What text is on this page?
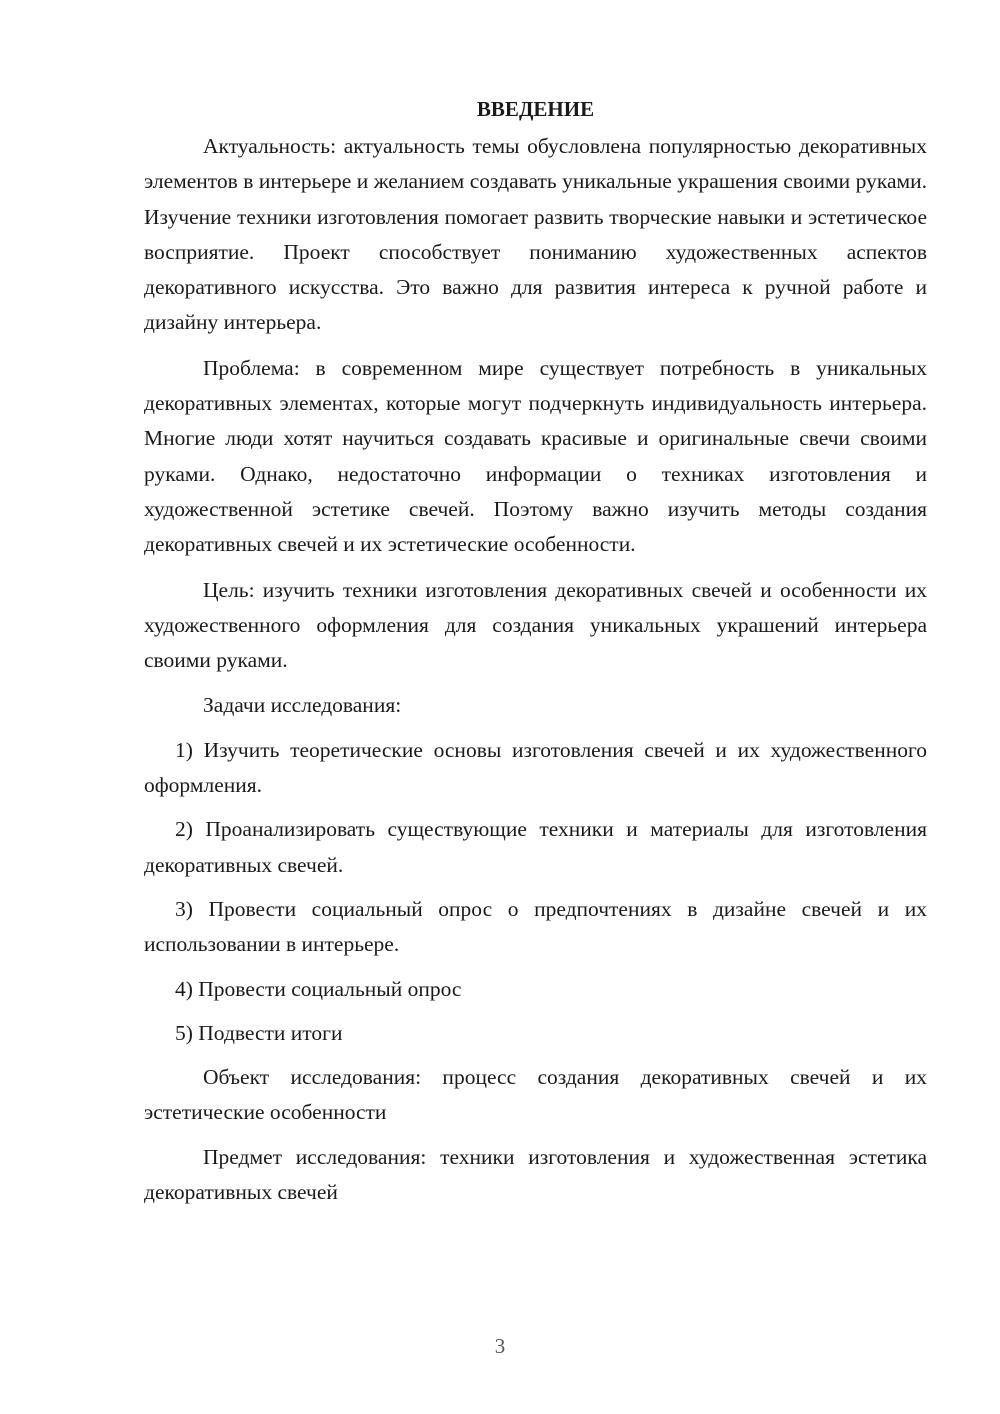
ВВЕДЕНИЕ

Актуальность: актуальность темы обусловлена популярностью декоративных элементов в интерьере и желанием создавать уникальные украшения своими руками. Изучение техники изготовления помогает развить творческие навыки и эстетическое восприятие. Проект способствует пониманию художественных аспектов декоративного искусства. Это важно для развития интереса к ручной работе и дизайну интерьера.

Проблема: в современном мире существует потребность в уникальных декоративных элементах, которые могут подчеркнуть индивидуальность интерьера. Многие люди хотят научиться создавать красивые и оригинальные свечи своими руками. Однако, недостаточно информации о техниках изготовления и художественной эстетике свечей. Поэтому важно изучить методы создания декоративных свечей и их эстетические особенности.

Цель: изучить техники изготовления декоративных свечей и особенности их художественного оформления для создания уникальных украшений интерьера своими руками.

Задачи исследования:

1) Изучить теоретические основы изготовления свечей и их художественного оформления.

2) Проанализировать существующие техники и материалы для изготовления декоративных свечей.

3) Провести социальный опрос о предпочтениях в дизайне свечей и их использовании в интерьере.

4) Провести социальный опрос

5) Подвести итоги

Объект исследования: процесс создания декоративных свечей и их эстетические особенности

Предмет исследования: техники изготовления и художественная эстетика декоративных свечей

3
